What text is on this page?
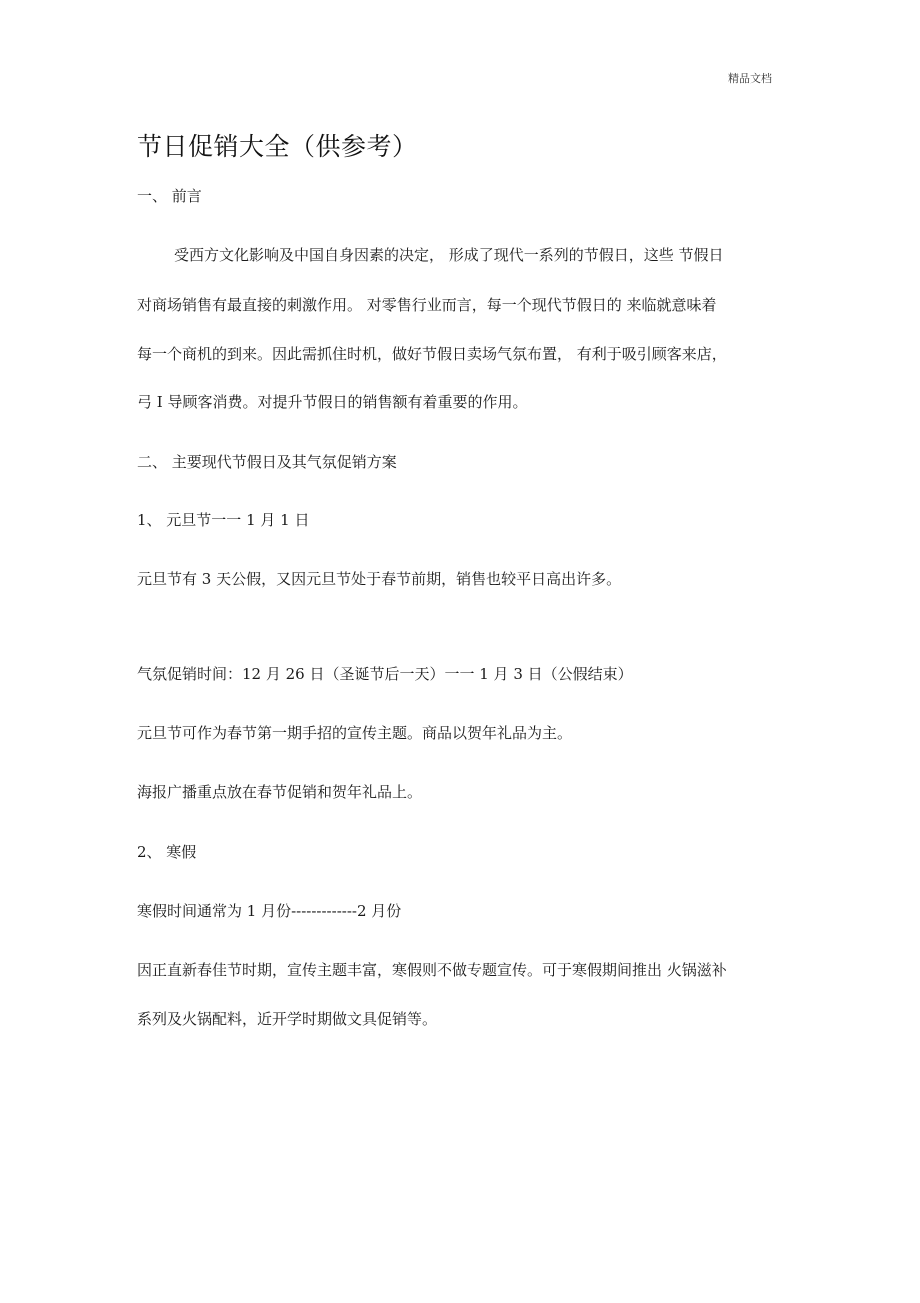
精品文档
节日促销大全（供参考）
一、 前言
受西方文化影响及中国自身因素的决定， 形成了现代一系列的节假日，这些 节假日
对商场销售有最直接的刺激作用。 对零售行业而言，每一个现代节假日的 来临就意味着
每一个商机的到来。因此需抓住时机，做好节假日卖场气氛布置， 有利于吸引顾客来店，
弓 I 导顾客消费。对提升节假日的销售额有着重要的作用。
二、 主要现代节假日及其气氛促销方案
1、 元旦节一一 1 月 1 日
元旦节有 3 天公假，又因元旦节处于春节前期，销售也较平日高出许多。
气氛促销时间：12 月 26 日（圣诞节后一天）一一 1 月 3 日（公假结束）
元旦节可作为春节第一期手招的宣传主题。商品以贺年礼品为主。
海报广播重点放在春节促销和贺年礼品上。
2、 寒假
寒假时间通常为 1 月份-------------2 月份
因正直新春佳节时期，宣传主题丰富，寒假则不做专题宣传。可于寒假期间推出 火锅滋补
系列及火锅配料，近开学时期做文具促销等。
